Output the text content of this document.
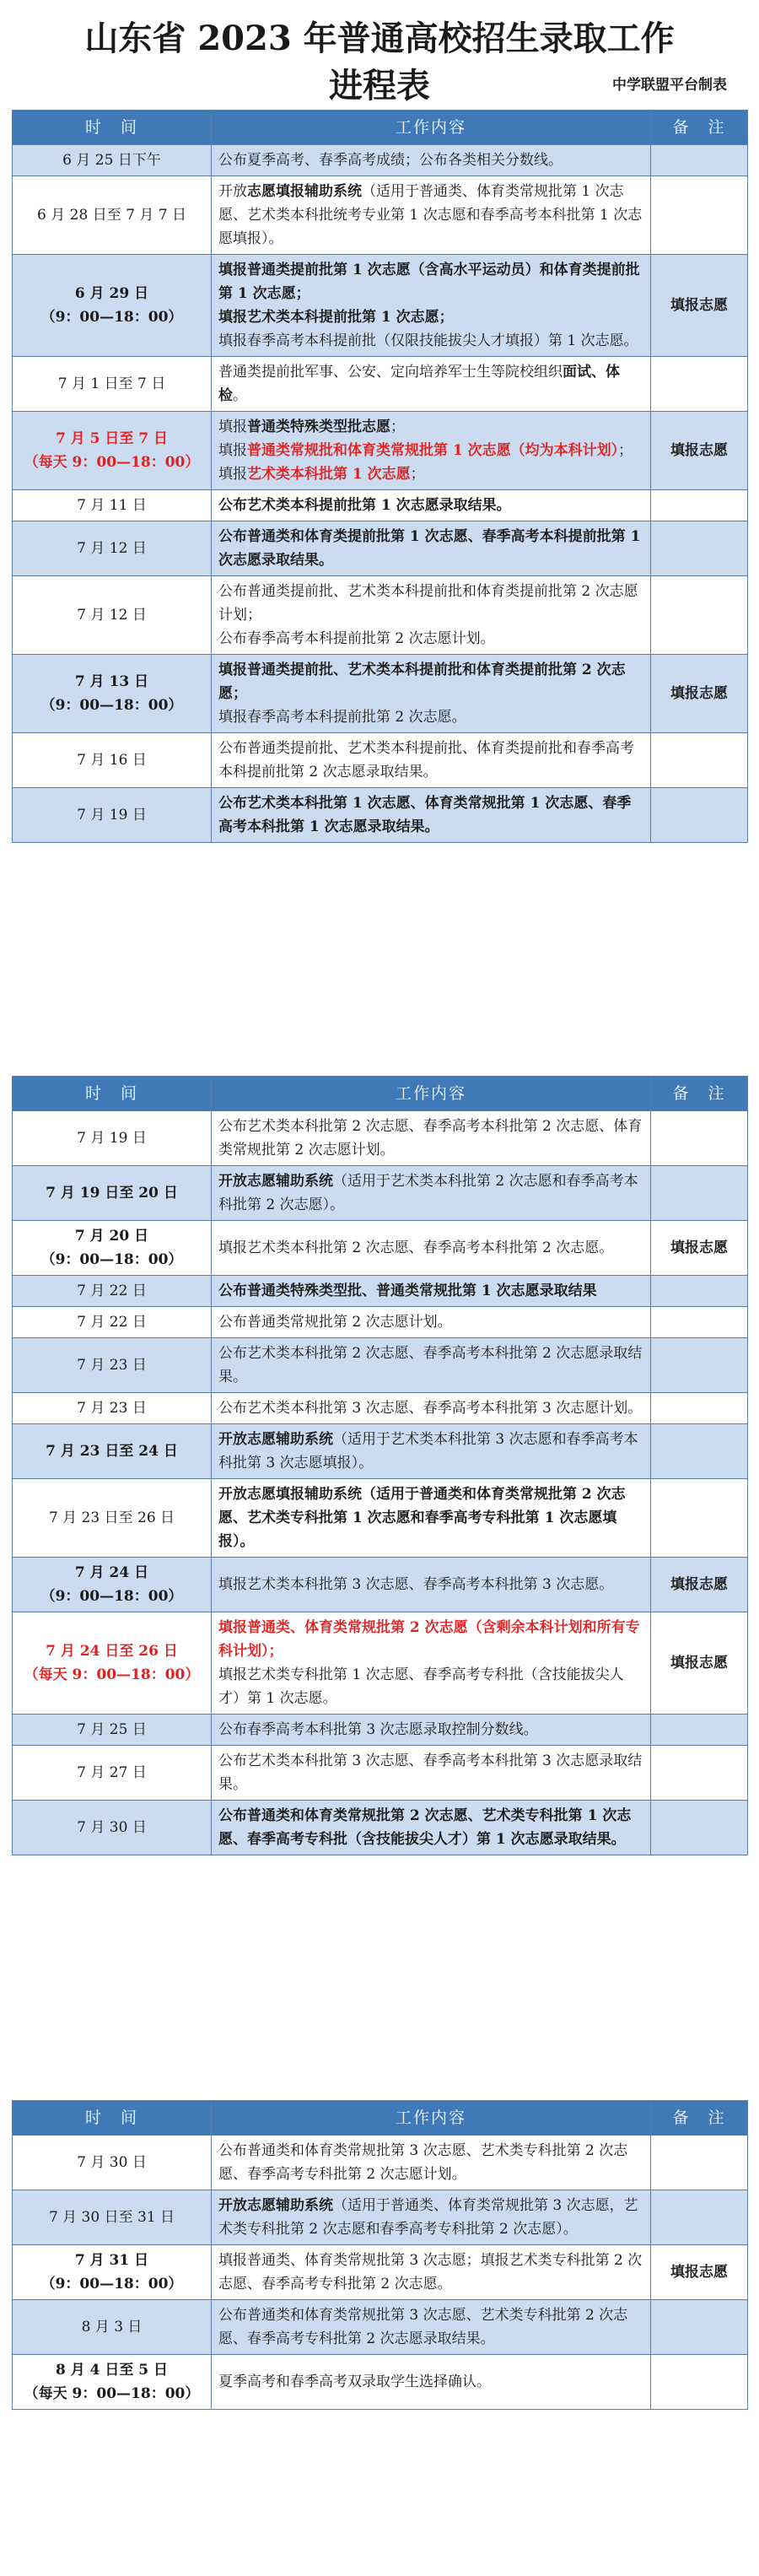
山东省 2023 年普通高校招生录取工作
进程表	中学联盟平台制表
时　间	工作内容	备　注

6 月 25 日下午	公布夏季高考、春季高考成绩；公布各类相关分数线。	

6 月 28 日至 7 月 7 日	开放志愿填报辅助系统（适用于普通类、体育类常规批第 1 次志愿、艺术类本科批统考专业第 1 次志愿和春季高考本科批第 1 次志愿填报）。	

6 月 29 日
（9：00—18：00）	填报普通类提前批第 1 次志愿（含高水平运动员）和体育类提前批第 1 次志愿；
填报艺术类本科提前批第 1 次志愿；
填报春季高考本科提前批（仅限技能拔尖人才填报）第 1 次志愿。	填报志愿

7 月 1 日至 7 日	普通类提前批军事、公安、定向培养军士生等院校组织面试、体检。	

7 月 5 日至 7 日
（每天 9：00—18：00）	填报普通类特殊类型批志愿；
填报普通类常规批和体育类常规批第 1 次志愿（均为本科计划）；
填报艺术类本科批第 1 次志愿；	填报志愿

7 月 11 日	公布艺术类本科提前批第 1 次志愿录取结果。	

7 月 12 日	公布普通类和体育类提前批第 1 次志愿、春季高考本科提前批第 1 次志愿录取结果。	

7 月 12 日	公布普通类提前批、艺术类本科提前批和体育类提前批第 2 次志愿计划；
公布春季高考本科提前批第 2 次志愿计划。	

7 月 13 日
（9：00—18：00）	填报普通类提前批、艺术类本科提前批和体育类提前批第 2 次志愿；
填报春季高考本科提前批第 2 次志愿。	填报志愿

7 月 16 日	公布普通类提前批、艺术类本科提前批、体育类提前批和春季高考本科提前批第 2 次志愿录取结果。	

7 月 19 日	公布艺术类本科批第 1 次志愿、体育类常规批第 1 次志愿、春季高考本科批第 1 次志愿录取结果。	

时　间	工作内容	备　注

7 月 19 日	公布艺术类本科批第 2 次志愿、春季高考本科批第 2 次志愿、体育类常规批第 2 次志愿计划。	

7 月 19 日至 20 日	开放志愿辅助系统（适用于艺术类本科批第 2 次志愿和春季高考本科批第 2 次志愿）。	

7 月 20 日
（9：00—18：00）	填报艺术类本科批第 2 次志愿、春季高考本科批第 2 次志愿。	填报志愿

7 月 22 日	公布普通类特殊类型批、普通类常规批第 1 次志愿录取结果	

7 月 22 日	公布普通类常规批第 2 次志愿计划。	

7 月 23 日	公布艺术类本科批第 2 次志愿、春季高考本科批第 2 次志愿录取结果。	

7 月 23 日	公布艺术类本科批第 3 次志愿、春季高考本科批第 3 次志愿计划。	

7 月 23 日至 24 日	开放志愿辅助系统（适用于艺术类本科批第 3 次志愿和春季高考本科批第 3 次志愿填报）。	

7 月 23 日至 26 日	开放志愿填报辅助系统（适用于普通类和体育类常规批第 2 次志愿、艺术类专科批第 1 次志愿和春季高考专科批第 1 次志愿填报）。	

7 月 24 日
（9：00—18：00）	填报艺术类本科批第 3 次志愿、春季高考本科批第 3 次志愿。	填报志愿

7 月 24 日至 26 日
（每天 9：00—18：00）	填报普通类、体育类常规批第 2 次志愿（含剩余本科计划和所有专科计划）；
填报艺术类专科批第 1 次志愿、春季高考专科批（含技能拔尖人才）第 1 次志愿。	填报志愿

7 月 25 日	公布春季高考本科批第 3 次志愿录取控制分数线。	

7 月 27 日	公布艺术类本科批第 3 次志愿、春季高考本科批第 3 次志愿录取结果。	

7 月 30 日	公布普通类和体育类常规批第 2 次志愿、艺术类专科批第 1 次志愿、春季高考专科批（含技能拔尖人才）第 1 次志愿录取结果。	

时　间	工作内容	备　注

7 月 30 日	公布普通类和体育类常规批第 3 次志愿、艺术类专科批第 2 次志愿、春季高考专科批第 2 次志愿计划。	

7 月 30 日至 31 日	开放志愿辅助系统（适用于普通类、体育类常规批第 3 次志愿，艺术类专科批第 2 次志愿和春季高考专科批第 2 次志愿）。	

7 月 31 日
（9：00—18：00）	填报普通类、体育类常规批第 3 次志愿；填报艺术类专科批第 2 次志愿、春季高考专科批第 2 次志愿。	填报志愿

8 月 3 日	公布普通类和体育类常规批第 3 次志愿、艺术类专科批第 2 次志愿、春季高考专科批第 2 次志愿录取结果。	

8 月 4 日至 5 日
（每天 9：00—18：00）	夏季高考和春季高考双录取学生选择确认。	
